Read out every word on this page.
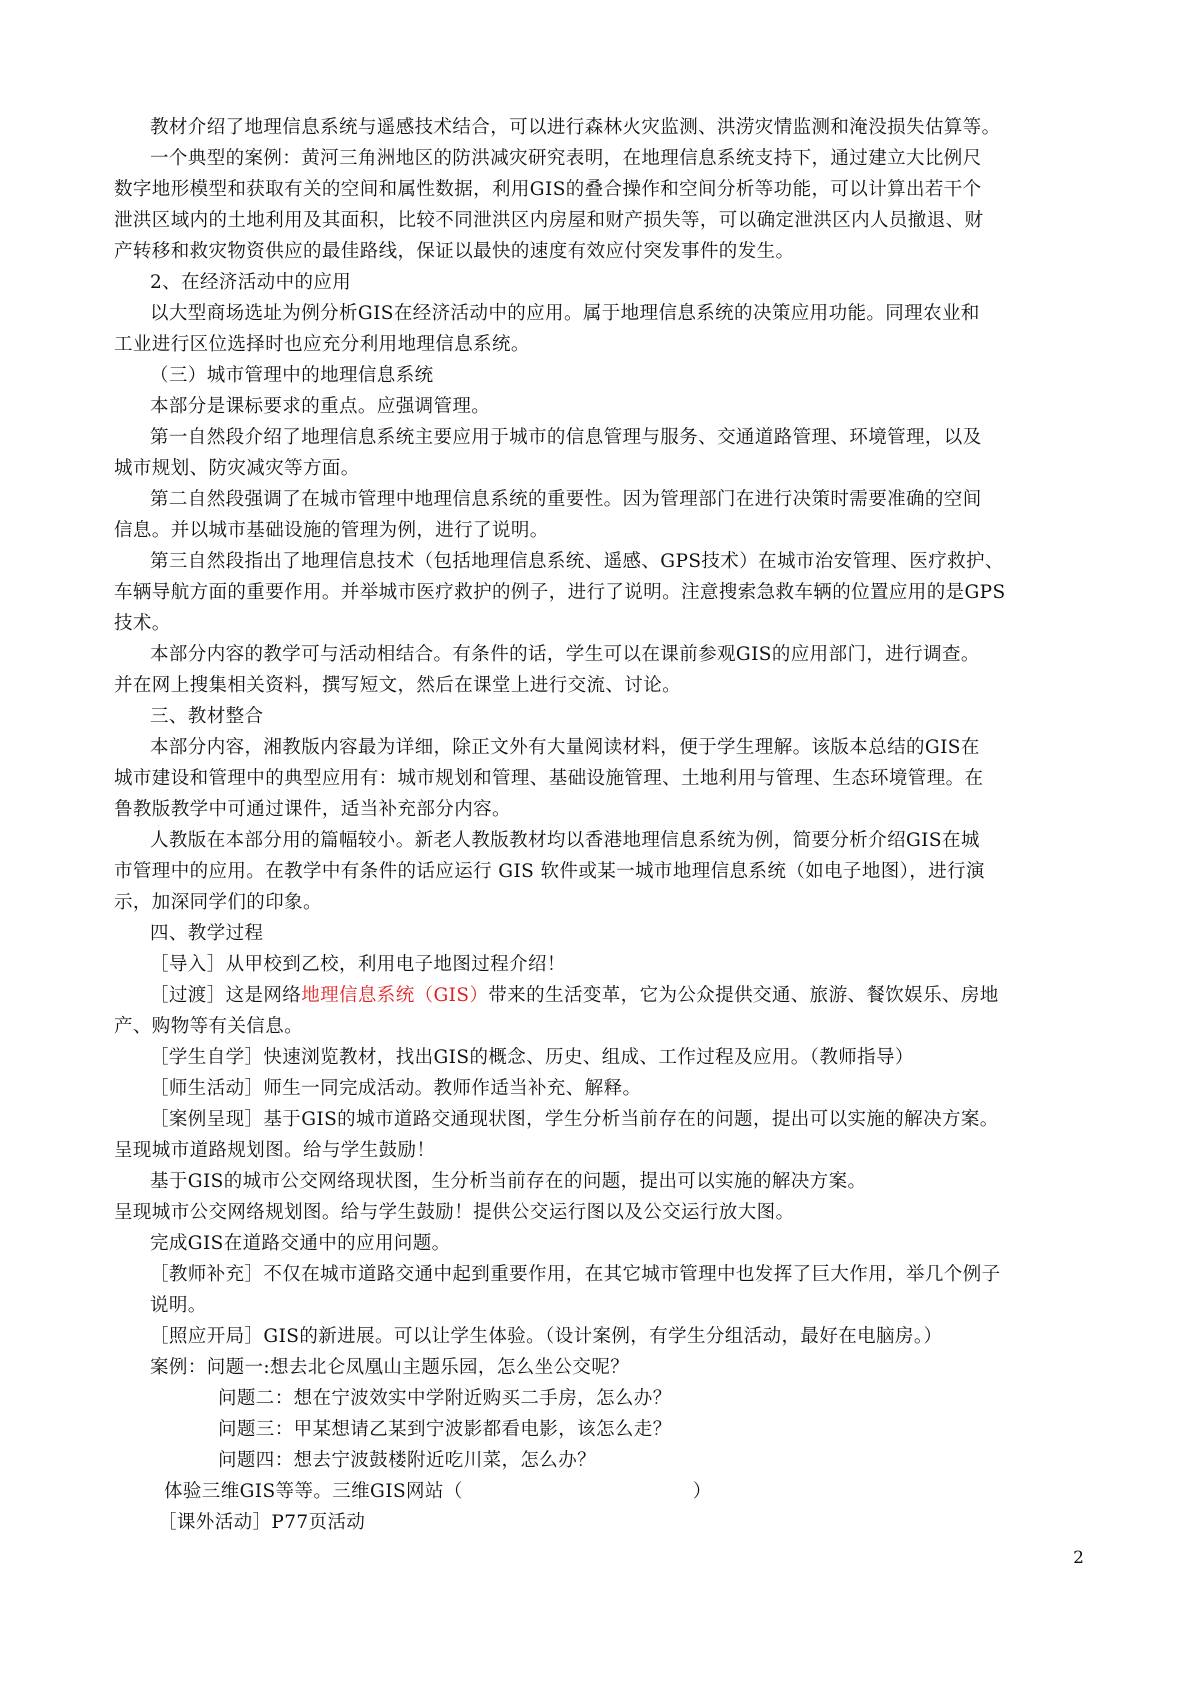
教材介绍了地理信息系统与遥感技术结合，可以进行森林火灾监测、洪涝灾情监测和淹没损失估算等。
一个典型的案例：黄河三角洲地区的防洪减灾研究表明，在地理信息系统支持下，通过建立大比例尺
数字地形模型和获取有关的空间和属性数据，利用GIS的叠合操作和空间分析等功能，可以计算出若干个
泄洪区域内的土地利用及其面积，比较不同泄洪区内房屋和财产损失等，可以确定泄洪区内人员撤退、财
产转移和救灾物资供应的最佳路线，保证以最快的速度有效应付突发事件的发生。
2、在经济活动中的应用
以大型商场选址为例分析GIS在经济活动中的应用。属于地理信息系统的决策应用功能。同理农业和
工业进行区位选择时也应充分利用地理信息系统。
（三）城市管理中的地理信息系统
本部分是课标要求的重点。应强调管理。
第一自然段介绍了地理信息系统主要应用于城市的信息管理与服务、交通道路管理、环境管理，以及
城市规划、防灾减灾等方面。
第二自然段强调了在城市管理中地理信息系统的重要性。因为管理部门在进行决策时需要准确的空间
信息。并以城市基础设施的管理为例，进行了说明。
第三自然段指出了地理信息技术（包括地理信息系统、遥感、GPS技术）在城市治安管理、医疗救护、
车辆导航方面的重要作用。并举城市医疗救护的例子，进行了说明。注意搜索急救车辆的位置应用的是GPS
技术。
本部分内容的教学可与活动相结合。有条件的话，学生可以在课前参观GIS的应用部门，进行调查。
并在网上搜集相关资料，撰写短文，然后在课堂上进行交流、讨论。
三、教材整合
本部分内容，湘教版内容最为详细，除正文外有大量阅读材料，便于学生理解。该版本总结的GIS在
城市建设和管理中的典型应用有：城市规划和管理、基础设施管理、土地利用与管理、生态环境管理。在
鲁教版教学中可通过课件，适当补充部分内容。
人教版在本部分用的篇幅较小。新老人教版教材均以香港地理信息系统为例，简要分析介绍GIS在城
市管理中的应用。在教学中有条件的话应运行 GIS 软件或某一城市地理信息系统（如电子地图），进行演
示，加深同学们的印象。
四、教学过程
［导入］从甲校到乙校，利用电子地图过程介绍！
［过渡］这是网络地理信息系统（GIS）带来的生活变革，它为公众提供交通、旅游、餐饮娱乐、房地
产、购物等有关信息。
［学生自学］快速浏览教材，找出GIS的概念、历史、组成、工作过程及应用。（教师指导）
［师生活动］师生一同完成活动。教师作适当补充、解释。
［案例呈现］基于GIS的城市道路交通现状图，学生分析当前存在的问题，提出可以实施的解决方案。
呈现城市道路规划图。给与学生鼓励！
基于GIS的城市公交网络现状图，生分析当前存在的问题，提出可以实施的解决方案。
呈现城市公交网络规划图。给与学生鼓励！提供公交运行图以及公交运行放大图。
完成GIS在道路交通中的应用问题。
［教师补充］不仅在城市道路交通中起到重要作用，在其它城市管理中也发挥了巨大作用，举几个例子
说明。
［照应开局］GIS的新进展。可以让学生体验。（设计案例，有学生分组活动，最好在电脑房。）
案例：问题一:想去北仑凤凰山主题乐园，怎么坐公交呢？
问题二：想在宁波效实中学附近购买二手房，怎么办？
问题三：甲某想请乙某到宁波影都看电影，该怎么走？
问题四：想去宁波鼓楼附近吃川菜，怎么办？
体验三维GIS等等。三维GIS网站（	）
［课外活动］P77页活动
2
